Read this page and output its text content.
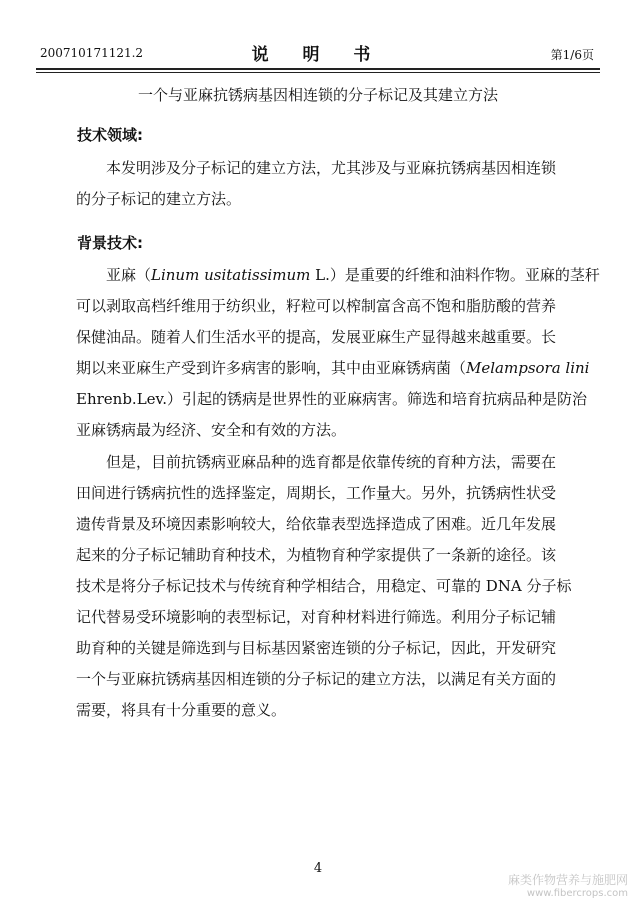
200710171121.2	说 明 书	第1/6页
一个与亚麻抗锈病基因相连锁的分子标记及其建立方法
技术领域:
本发明涉及分子标记的建立方法，尤其涉及与亚麻抗锈病基因相连锁
的分子标记的建立方法。
背景技术:
亚麻（Linum usitatissimum L.）是重要的纤维和油料作物。亚麻的茎秆
可以剥取高档纤维用于纺织业，籽粒可以榨制富含高不饱和脂肪酸的营养
保健油品。随着人们生活水平的提高，发展亚麻生产显得越来越重要。长
期以来亚麻生产受到许多病害的影响，其中由亚麻锈病菌（Melampsora lini
Ehrenb.Lev.）引起的锈病是世界性的亚麻病害。筛选和培育抗病品种是防治
亚麻锈病最为经济、安全和有效的方法。
但是，目前抗锈病亚麻品种的选育都是依靠传统的育种方法，需要在
田间进行锈病抗性的选择鉴定，周期长，工作量大。另外，抗锈病性状受
遗传背景及环境因素影响较大，给依靠表型选择造成了困难。近几年发展
起来的分子标记辅助育种技术，为植物育种学家提供了一条新的途径。该
技术是将分子标记技术与传统育种学相结合，用稳定、可靠的 DNA 分子标
记代替易受环境影响的表型标记，对育种材料进行筛选。利用分子标记辅
助育种的关键是筛选到与目标基因紧密连锁的分子标记，因此，开发研究
一个与亚麻抗锈病基因相连锁的分子标记的建立方法，以满足有关方面的
需要，将具有十分重要的意义。
4
麻类作物营养与施肥网
www.fibercrops.com
